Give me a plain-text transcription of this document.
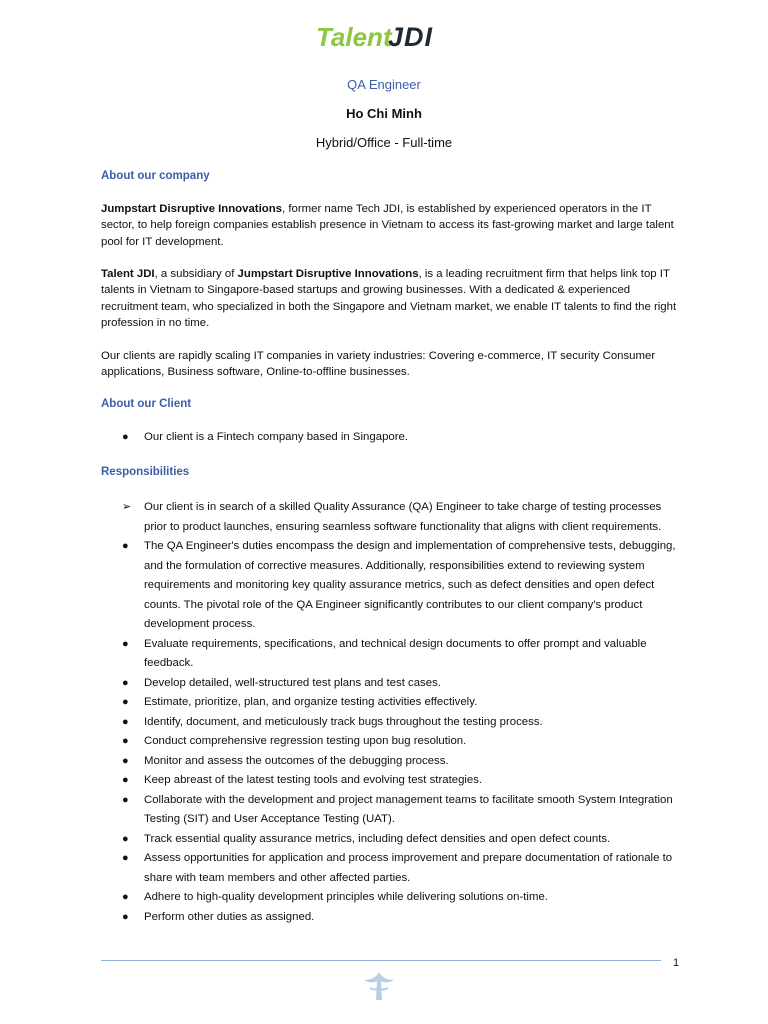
Talent
JDI
QA Engineer
Ho Chi Minh
Hybrid/Office - Full-time
About our company

Jumpstart Disruptive Innovations, former name Tech JDI, is established by experienced operators in the IT sector, to help foreign companies establish presence in Vietnam to access its fast-growing market and large talent pool for IT development.

Talent JDI, a subsidiary of Jumpstart Disruptive Innovations, is a leading recruitment firm that helps link top IT talents in Vietnam to Singapore-based startups and growing businesses. With a dedicated & experienced recruitment team, who specialized in both the Singapore and Vietnam market, we enable IT talents to find the right profession in no time.

Our clients are rapidly scaling IT companies in variety industries: Covering e-commerce, IT security Consumer applications, Business software, Online-to-offline businesses.

About our Client
●	Our client is a Fintech company based in Singapore.
Responsibilities
➢	Our client is in search of a skilled Quality Assurance (QA) Engineer to take charge of testing processes prior to product launches, ensuring seamless software functionality that aligns with client requirements.
●	The QA Engineer's duties encompass the design and implementation of comprehensive tests, debugging, and the formulation of corrective measures. Additionally, responsibilities extend to reviewing system requirements and monitoring key quality assurance metrics, such as defect densities and open defect counts. The pivotal role of the QA Engineer significantly contributes to our client company's product development process.
●	Evaluate requirements, specifications, and technical design documents to offer prompt and valuable feedback.
●	Develop detailed, well-structured test plans and test cases.
●	Estimate, prioritize, plan, and organize testing activities effectively.
●	Identify, document, and meticulously track bugs throughout the testing process.
●	Conduct comprehensive regression testing upon bug resolution.
●	Monitor and assess the outcomes of the debugging process.
●	Keep abreast of the latest testing tools and evolving test strategies.
●	Collaborate with the development and project management teams to facilitate smooth System Integration Testing (SIT) and User Acceptance Testing (UAT).
●	Track essential quality assurance metrics, including defect densities and open defect counts.
●	Assess opportunities for application and process improvement and prepare documentation of rationale to share with team members and other affected parties.
●	Adhere to high-quality development principles while delivering solutions on-time.
●	Perform other duties as assigned.
1
